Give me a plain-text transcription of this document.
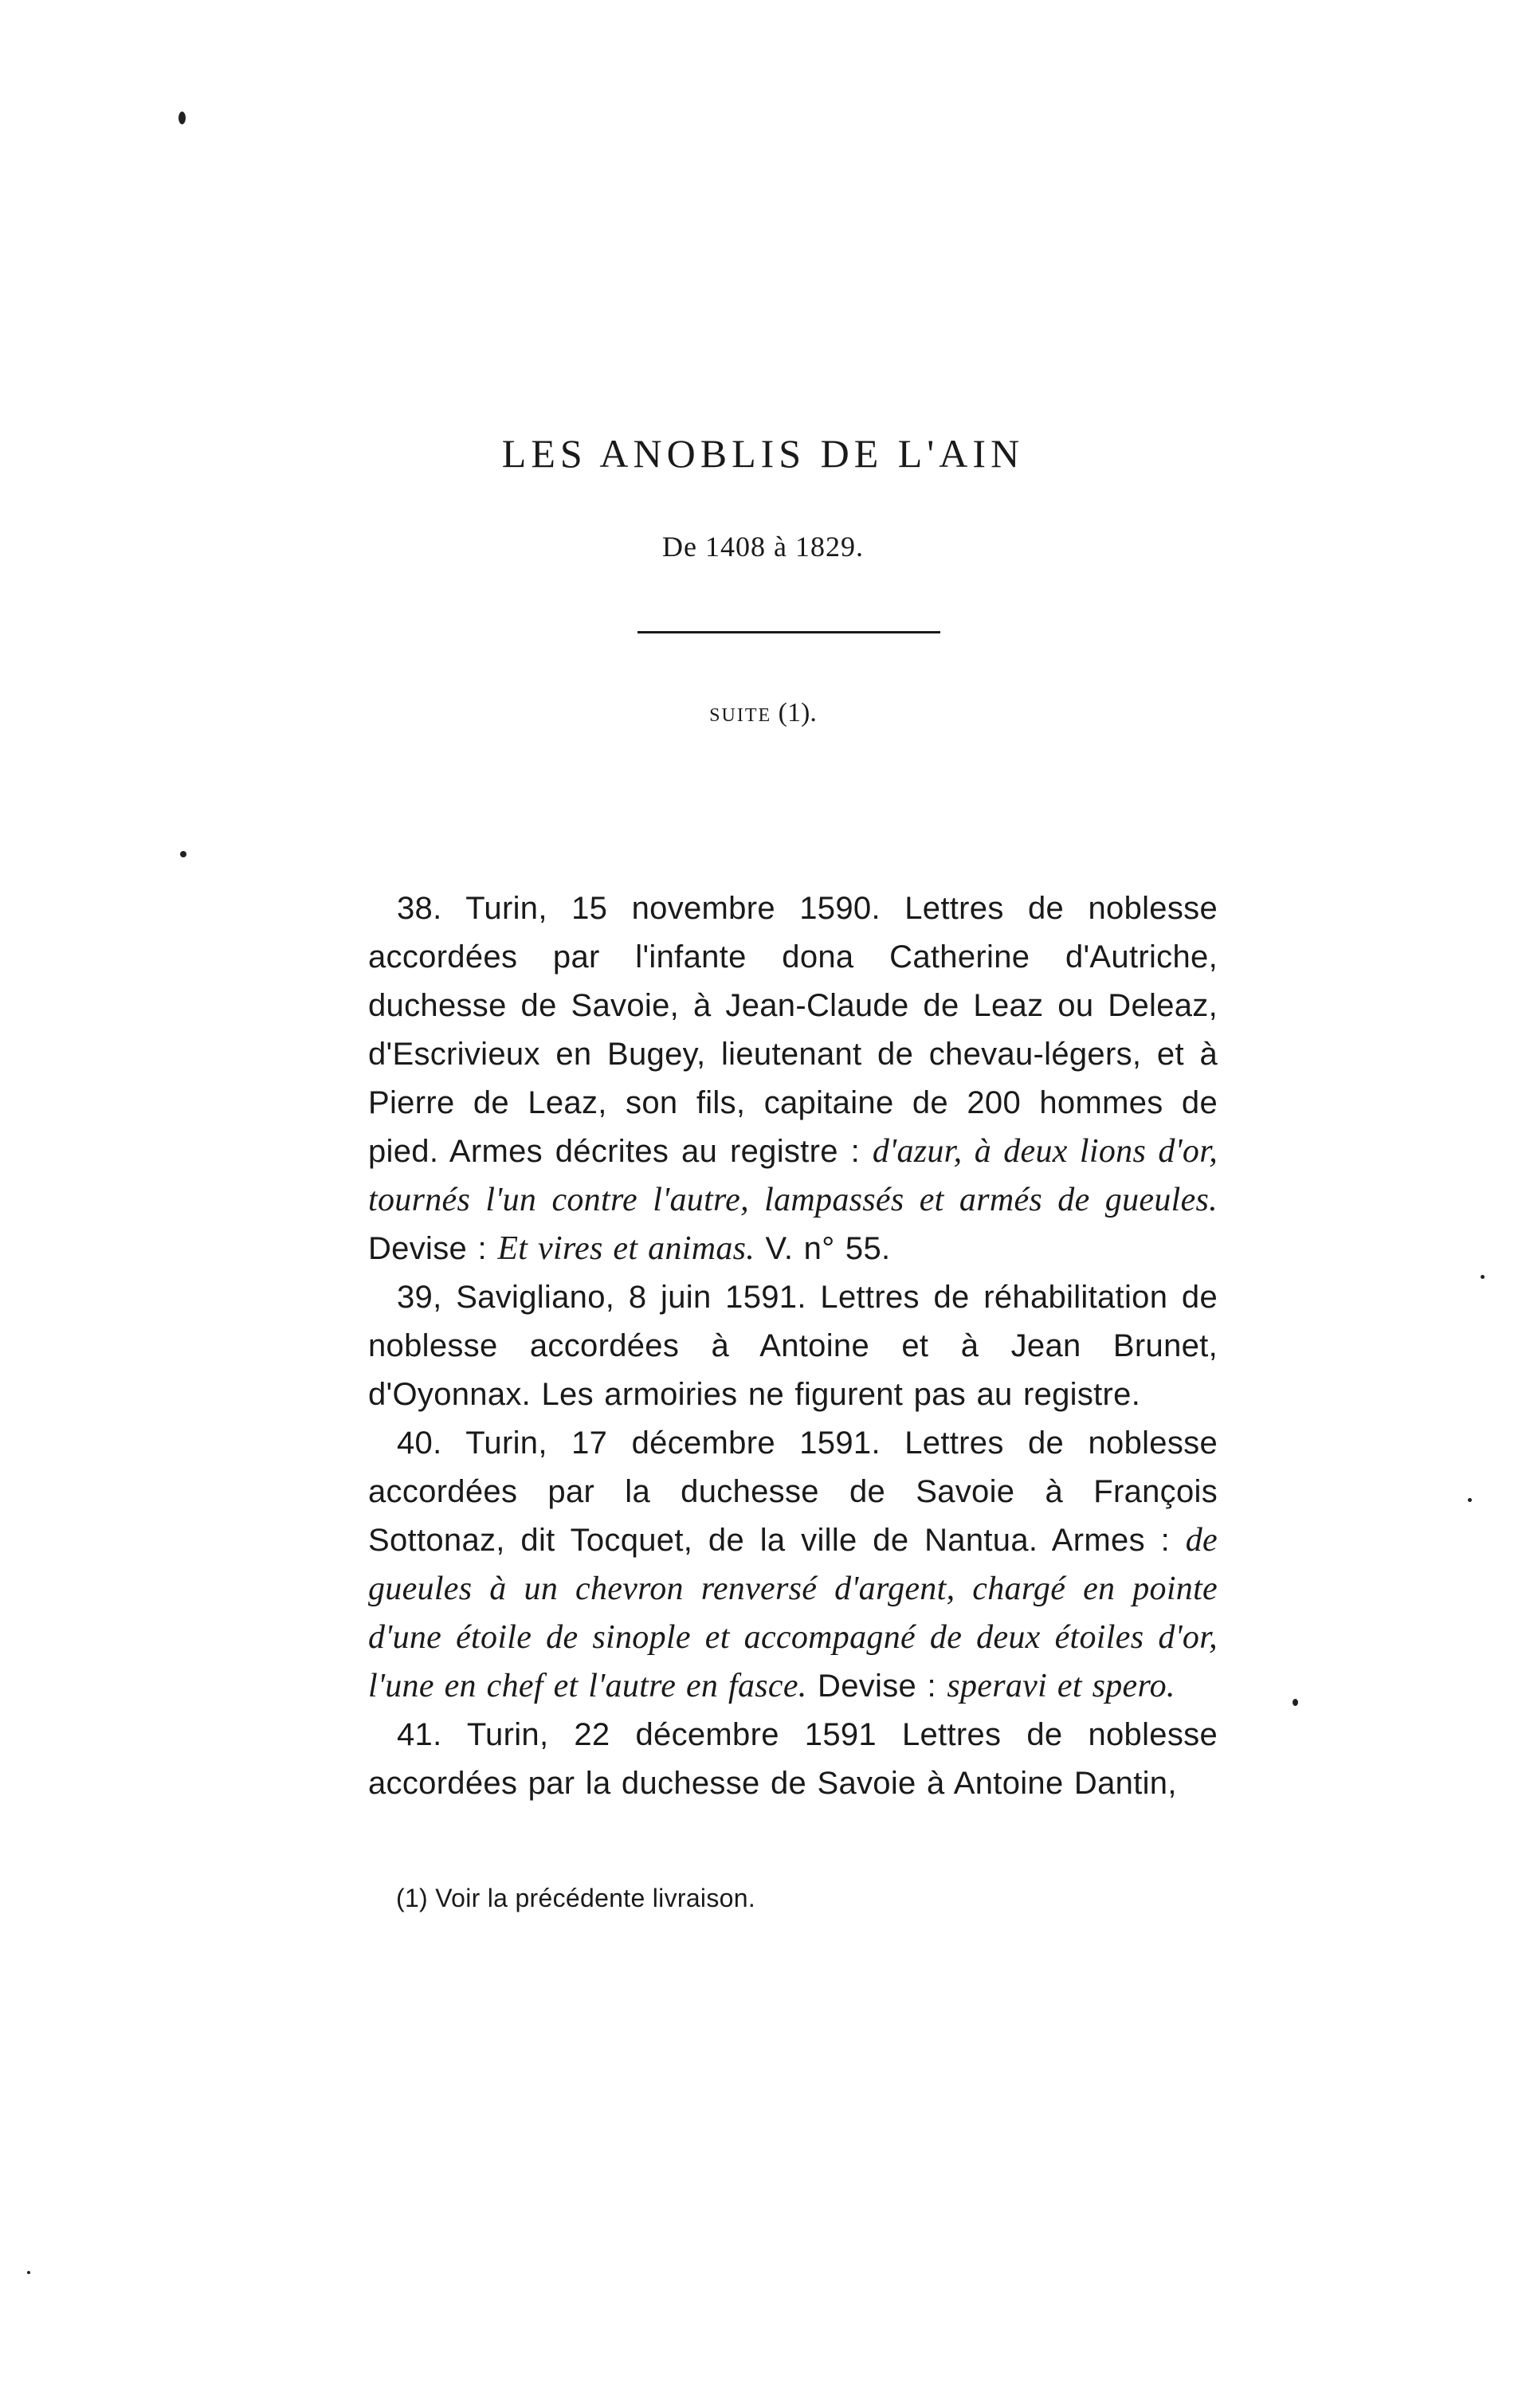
LES ANOBLIS DE L'AIN
De 1408 à 1829.
suite (1).

38. Turin, 15 novembre 1590. Lettres de noblesse accordées par l'infante dona Catherine d'Autriche, duchesse de Savoie, à Jean-Claude de Leaz ou Deleaz, d'Escrivieux en Bugey, lieutenant de chevau-légers, et à Pierre de Leaz, son fils, capitaine de 200 hommes de pied. Armes décrites au registre : d'azur, à deux lions d'or, tournés l'un contre l'autre, lampassés et armés de gueules. Devise : Et vires et animas. V. n° 55.

39, Savigliano, 8 juin 1591. Lettres de réhabilitation de noblesse accordées à Antoine et à Jean Brunet, d'Oyonnax. Les armoiries ne figurent pas au registre.

40. Turin, 17 décembre 1591. Lettres de noblesse accordées par la duchesse de Savoie à François Sottonaz, dit Tocquet, de la ville de Nantua. Armes : de gueules à un chevron renversé d'argent, chargé en pointe d'une étoile de sinople et accompagné de deux étoiles d'or, l'une en chef et l'autre en fasce. Devise : speravi et spero.

41. Turin, 22 décembre 1591 Lettres de noblesse accordées par la duchesse de Savoie à Antoine Dantin,

(1) Voir la précédente livraison.
